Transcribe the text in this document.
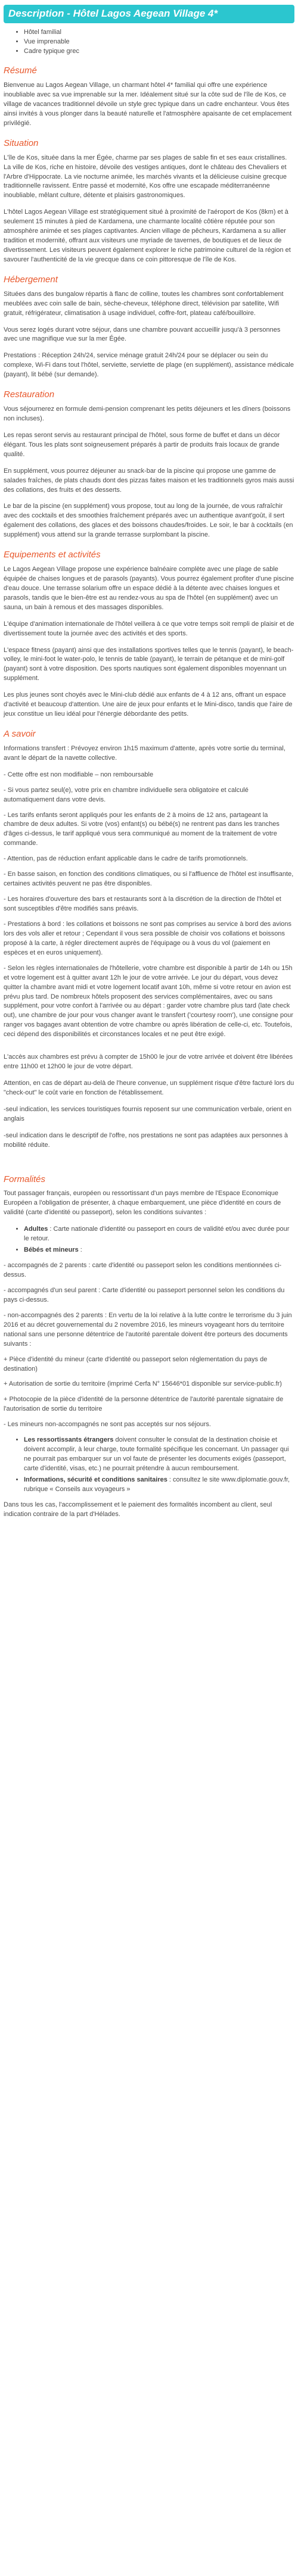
Description - Hôtel Lagos Aegean Village 4*
• Hôtel familial
• Vue imprenable
• Cadre typique grec
Résumé

Bienvenue au Lagos Aegean Village, un charmant hôtel 4* familial qui offre une expérience inoubliable avec sa vue imprenable sur la mer. Idéalement situé sur la côte sud de l'île de Kos, ce village de vacances traditionnel dévoile un style grec typique dans un cadre enchanteur. Vous êtes ainsi invités à vous plonger dans la beauté naturelle et l'atmosphère apaisante de cet emplacement privilégié.

Situation

L'île de Kos, située dans la mer Égée, charme par ses plages de sable fin et ses eaux cristallines. La ville de Kos, riche en histoire, dévoile des vestiges antiques, dont le château des Chevaliers et l'Arbre d'Hippocrate. La vie nocturne animée, les marchés vivants et la délicieuse cuisine grecque traditionnelle ravissent. Entre passé et modernité, Kos offre une escapade méditerranéenne inoubliable, mêlant culture, détente et plaisirs gastronomiques.

L'hôtel Lagos Aegean Village est stratégiquement situé à proximité de l'aéroport de Kos (8km) et à seulement 15 minutes à pied de Kardamena, une charmante localité côtière réputée pour son atmosphère animée et ses plages captivantes. Ancien village de pêcheurs, Kardamena a su allier tradition et modernité, offrant aux visiteurs une myriade de tavernes, de boutiques et de lieux de divertissement. Les visiteurs peuvent également explorer le riche patrimoine culturel de la région et savourer l'authenticité de la vie grecque dans ce coin pittoresque de l'île de Kos.

Hébergement

Situées dans des bungalow répartis à flanc de colline, toutes les chambres sont confortablement meublées avec coin salle de bain, sèche-cheveux, téléphone direct, télévision par satellite, Wifi gratuit, réfrigérateur, climatisation à usage individuel, coffre-fort, plateau café/bouilloire.

Vous serez logés durant votre séjour, dans une chambre pouvant accueillir jusqu'à 3 personnes avec une magnifique vue sur la mer Égée.

Prestations : Réception 24h/24, service ménage gratuit 24h/24 pour se déplacer ou sein du complexe, Wi-Fi dans tout l'hôtel, serviette, serviette de plage (en supplément), assistance médicale (payant), lit bébé (sur demande).

Restauration

Vous séjournerez en formule demi-pension comprenant les petits déjeuners et les dîners (boissons non incluses).

Les repas seront servis au restaurant principal de l'hôtel, sous forme de buffet et dans un décor élégant. Tous les plats sont soigneusement préparés à partir de produits frais locaux de grande qualité.

En supplément, vous pourrez déjeuner au snack-bar de la piscine qui propose une gamme de salades fraîches, de plats chauds dont des pizzas faites maison et les traditionnels gyros mais aussi des collations, des fruits et des desserts.

Le bar de la piscine (en supplément) vous propose, tout au long de la journée, de vous rafraîchir avec des cocktails et des smoothies fraîchement préparés avec un authentique avant'goût, il sert également des collations, des glaces et des boissons chaudes/froides. Le soir, le bar à cocktails (en supplément) vous attend sur la grande terrasse surplombant la piscine.

Equipements et activités

Le Lagos Aegean Village propose une expérience balnéaire complète avec une plage de sable équipée de chaises longues et de parasols (payants). Vous pourrez également profiter d'une piscine d'eau douce. Une terrasse solarium offre un espace dédié à la détente avec chaises longues et parasols, tandis que le bien-être est au rendez-vous au spa de l'hôtel (en supplément) avec un sauna, un bain à remous et des massages disponibles.

L'équipe d'animation internationale de l'hôtel veillera à ce que votre temps soit rempli de plaisir et de divertissement toute la journée avec des activités et des sports.

L'espace fitness (payant) ainsi que des installations sportives telles que le tennis (payant), le beach-volley, le mini-foot le water-polo, le tennis de table (payant), le terrain de pétanque et de mini-golf (payant) sont à votre disposition. Des sports nautiques sont également disponibles moyennant un supplément.

Les plus jeunes sont choyés avec le Mini-club dédié aux enfants de 4 à 12 ans, offrant un espace d'activité et beaucoup d'attention. Une aire de jeux pour enfants et le Mini-disco, tandis que l'aire de jeux constitue un lieu idéal pour l'énergie débordante des petits.

A savoir

Informations transfert : Prévoyez environ 1h15 maximum d'attente, après votre sortie du terminal, avant le départ de la navette collective.

- Cette offre est non modifiable – non remboursable

- Si vous partez seul(e), votre prix en chambre individuelle sera obligatoire et calculé automatiquement dans votre devis.

- Les tarifs enfants seront appliqués pour les enfants de 2 à moins de 12 ans, partageant la chambre de deux adultes. Si votre (vos) enfant(s) ou bébé(s) ne rentrent pas dans les tranches d'âges ci-dessus, le tarif appliqué vous sera communiqué au moment de la traitement de votre commande.

- Attention, pas de réduction enfant applicable dans le cadre de tarifs promotionnels.

- En basse saison, en fonction des conditions climatiques, ou si l'affluence de l'hôtel est insuffisante, certaines activités peuvent ne pas être disponibles.

- Les horaires d'ouverture des bars et restaurants sont à la discrétion de la direction de l'hôtel et sont susceptibles d'être modifiés sans préavis.

- Prestations à bord : les collations et boissons ne sont pas comprises au service à bord des avions lors des vols aller et retour ; Cependant il vous sera possible de choisir vos collations et boissons proposé à la carte, à régler directement auprès de l'équipage ou à vous du vol (paiement en espèces et en euros uniquement).

- Selon les règles internationales de l'hôtellerie, votre chambre est disponible à partir de 14h ou 15h et votre logement est à quitter avant 12h le jour de votre arrivée. Le jour du départ, vous devez quitter la chambre avant midi et votre logement locatif avant 10h, même si votre retour en avion est prévu plus tard. De nombreux hôtels proposent des services complémentaires, avec ou sans supplément, pour votre confort à l'arrivée ou au départ : garder votre chambre plus tard (late check out), une chambre de jour pour vous changer avant le transfert ('courtesy room'), une consigne pour ranger vos bagages avant obtention de votre chambre ou après libération de celle-ci, etc. Toutefois, ceci dépend des disponibilités et circonstances locales et ne peut être exigé.

L'accès aux chambres est prévu à compter de 15h00 le jour de votre arrivée et doivent être libérées entre 11h00 et 12h00 le jour de votre départ.

Attention, en cas de départ au-delà de l'heure convenue, un supplément risque d'être facturé lors du "check-out" le coût varie en fonction de l'établissement.

-seul indication, les services touristiques fournis reposent sur une communication verbale, orient en anglais

-seul indication dans le descriptif de l'offre, nos prestations ne sont pas adaptées aux personnes à mobilité réduite.

Formalités

Tout passager français, européen ou ressortissant d'un pays membre de l'Espace Economique Européen a l'obligation de présenter, à chaque embarquement, une pièce d'identité en cours de validité (carte d'identité ou passeport), selon les conditions suivantes :

• Adultes : Carte nationale d'identité ou passeport en cours de validité et/ou avec durée pour le retour.
• Bébés et mineurs :

- accompagnés de 2 parents : carte d'identité ou passeport selon les conditions mentionnées ci-dessus.

- accompagnés d'un seul parent : Carte d'identité ou passeport personnel selon les conditions du pays ci-dessus.

- non-accompagnés des 2 parents : En vertu de la loi relative à la lutte contre le terrorisme du 3 juin 2016 et au décret gouvernemental du 2 novembre 2016, les mineurs voyageant hors du territoire national sans une personne détentrice de l'autorité parentale doivent être porteurs des documents suivants :

+ Pièce d'identité du mineur (carte d'identité ou passeport selon réglementation du pays de destination)

+ Autorisation de sortie du territoire (imprimé Cerfa N° 15646*01 disponible sur service-public.fr)

+ Photocopie de la pièce d'identité de la personne détentrice de l'autorité parentale signataire de l'autorisation de sortie du territoire

- Les mineurs non-accompagnés ne sont pas acceptés sur nos séjours.

• Les ressortissants étrangers doivent consulter le consulat de la destination choisie et doivent accomplir, à leur charge, toute formalité spécifique les concernant. Un passager qui ne pourrait pas embarquer sur un vol faute de présenter les documents exigés (passeport, carte d'identité, visas, etc.) ne pourrait prétendre à aucun remboursement.
• Informations, sécurité et conditions sanitaires : consultez le site www.diplomatie.gouv.fr, rubrique « Conseils aux voyageurs »

Dans tous les cas, l'accomplissement et le paiement des formalités incombent au client, seul indication contraire de la part d'Hélades.
